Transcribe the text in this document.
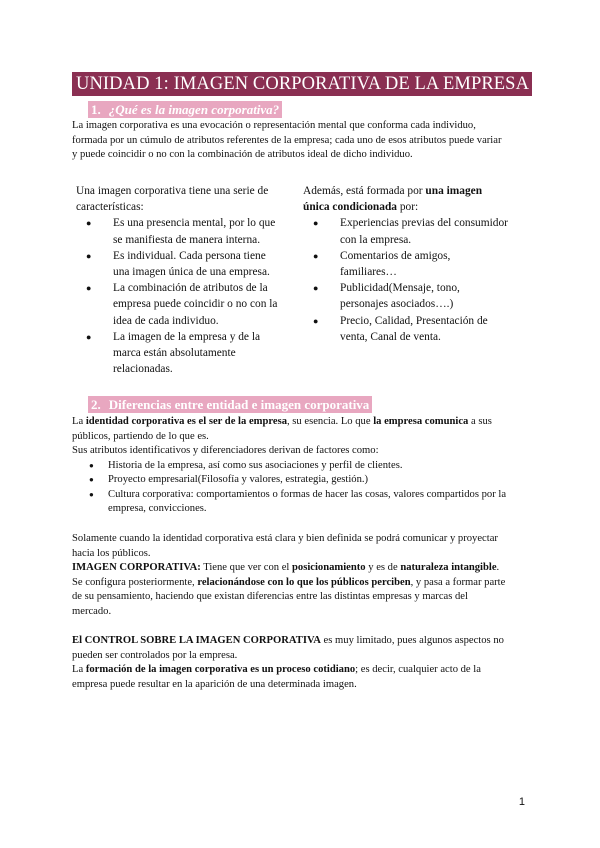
UNIDAD 1: IMAGEN CORPORATIVA DE LA EMPRESA
1. ¿Qué es la imagen corporativa?
La imagen corporativa es una evocación o representación mental que conforma cada individuo,
formada por un cúmulo de atributos referentes de la empresa; cada uno de esos atributos puede variar
y puede coincidir o no con la combinación de atributos ideal de dicho individuo.
Una imagen corporativa tiene una serie de
características:
● Es una presencia mental, por lo que
se manifiesta de manera interna.
● Es individual. Cada persona tiene
una imagen única de una empresa.
● La combinación de atributos de la
empresa puede coincidir o no con la
idea de cada individuo.
● La imagen de la empresa y de la
marca están absolutamente
relacionadas.
Además, está formada por una imagen
única condicionada por:
● Experiencias previas del consumidor
con la empresa.
● Comentarios de amigos,
familiares…
● Publicidad(Mensaje, tono,
personajes asociados….)
● Precio, Calidad, Presentación de
venta, Canal de venta.
2. Diferencias entre entidad e imagen corporativa
La identidad corporativa es el ser de la empresa, su esencia. Lo que la empresa comunica a sus
públicos, partiendo de lo que es.
Sus atributos identificativos y diferenciadores derivan de factores como:
● Historia de la empresa, así como sus asociaciones y perfil de clientes.
● Proyecto empresarial(Filosofía y valores, estrategia, gestión.)
● Cultura corporativa: comportamientos o formas de hacer las cosas, valores compartidos por la
empresa, convicciones.
Solamente cuando la identidad corporativa está clara y bien definida se podrá comunicar y proyectar
hacia los públicos.
IMAGEN CORPORATIVA: Tiene que ver con el posicionamiento y es de naturaleza intangible.
Se configura posteriormente, relacionándose con lo que los públicos perciben, y pasa a formar parte
de su pensamiento, haciendo que existan diferencias entre las distintas empresas y marcas del
mercado.
El CONTROL SOBRE LA IMAGEN CORPORATIVA es muy limitado, pues algunos aspectos no
pueden ser controlados por la empresa.
La formación de la imagen corporativa es un proceso cotidiano; es decir, cualquier acto de la
empresa puede resultar en la aparición de una determinada imagen.
1
